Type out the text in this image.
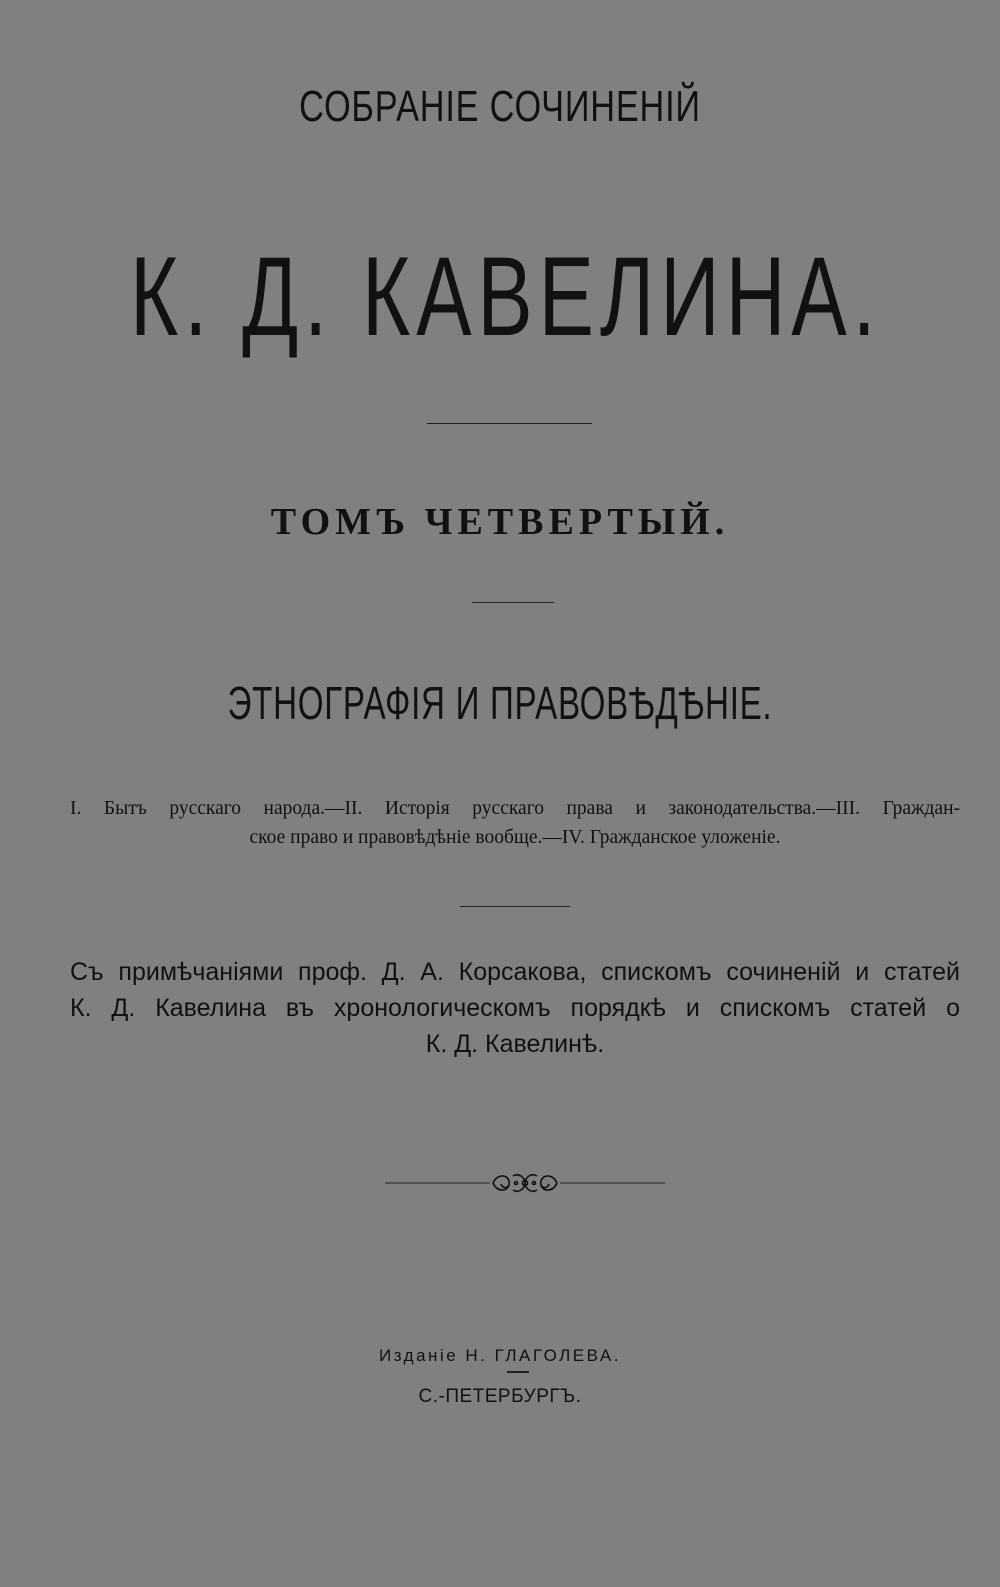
СОБРАНІЕ СОЧИНЕНІЙ
К. Д. КАВЕЛИНА.
ТОМЪ ЧЕТВЕРТЫЙ.
ЭТНОГРАФІЯ И ПРАВОВѢДѢНІЕ.
I. Бытъ русскаго народа.—II. Исторія русскаго права и законодательства.—III. Граждан-
ское право и правовѣдѣніе вообще.—IV. Гражданское уложеніе.
Съ примѣчаніями проф. Д. А. Корсакова, спискомъ сочиненій и статей
К. Д. Кавелина въ хронологическомъ порядкѣ и спискомъ статей о
К. Д. Кавелинѣ.
Изданіе Н. ГЛАГОЛЕВА.
С.-ПЕТЕРБУРГЪ.
